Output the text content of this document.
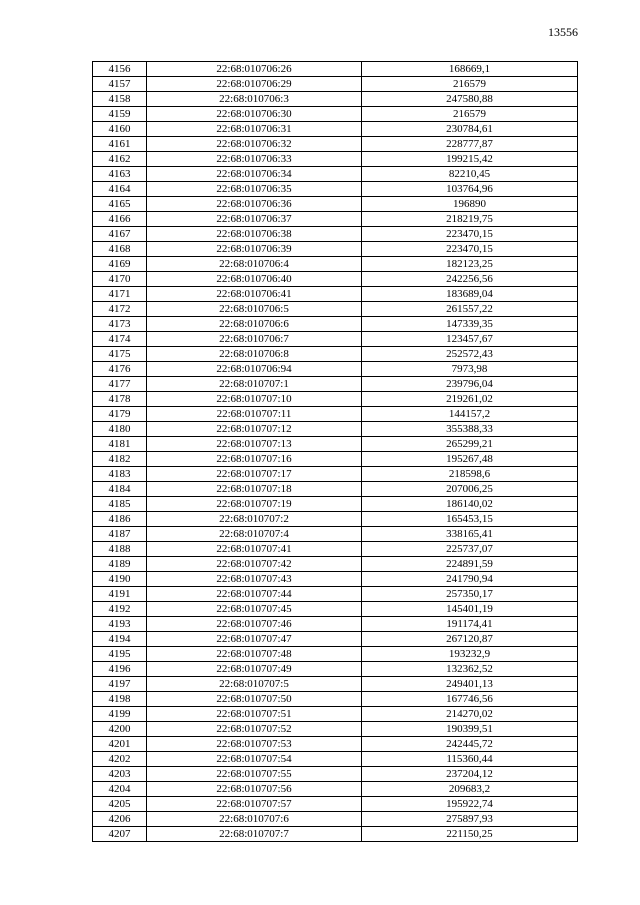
13556
4156	22:68:010706:26	168669,1
4157	22:68:010706:29	216579
4158	22:68:010706:3	247580,88
4159	22:68:010706:30	216579
4160	22:68:010706:31	230784,61
4161	22:68:010706:32	228777,87
4162	22:68:010706:33	199215,42
4163	22:68:010706:34	82210,45
4164	22:68:010706:35	103764,96
4165	22:68:010706:36	196890
4166	22:68:010706:37	218219,75
4167	22:68:010706:38	223470,15
4168	22:68:010706:39	223470,15
4169	22:68:010706:4	182123,25
4170	22:68:010706:40	242256,56
4171	22:68:010706:41	183689,04
4172	22:68:010706:5	261557,22
4173	22:68:010706:6	147339,35
4174	22:68:010706:7	123457,67
4175	22:68:010706:8	252572,43
4176	22:68:010706:94	7973,98
4177	22:68:010707:1	239796,04
4178	22:68:010707:10	219261,02
4179	22:68:010707:11	144157,2
4180	22:68:010707:12	355388,33
4181	22:68:010707:13	265299,21
4182	22:68:010707:16	195267,48
4183	22:68:010707:17	218598,6
4184	22:68:010707:18	207006,25
4185	22:68:010707:19	186140,02
4186	22:68:010707:2	165453,15
4187	22:68:010707:4	338165,41
4188	22:68:010707:41	225737,07
4189	22:68:010707:42	224891,59
4190	22:68:010707:43	241790,94
4191	22:68:010707:44	257350,17
4192	22:68:010707:45	145401,19
4193	22:68:010707:46	191174,41
4194	22:68:010707:47	267120,87
4195	22:68:010707:48	193232,9
4196	22:68:010707:49	132362,52
4197	22:68:010707:5	249401,13
4198	22:68:010707:50	167746,56
4199	22:68:010707:51	214270,02
4200	22:68:010707:52	190399,51
4201	22:68:010707:53	242445,72
4202	22:68:010707:54	115360,44
4203	22:68:010707:55	237204,12
4204	22:68:010707:56	209683,2
4205	22:68:010707:57	195922,74
4206	22:68:010707:6	275897,93
4207	22:68:010707:7	221150,25
